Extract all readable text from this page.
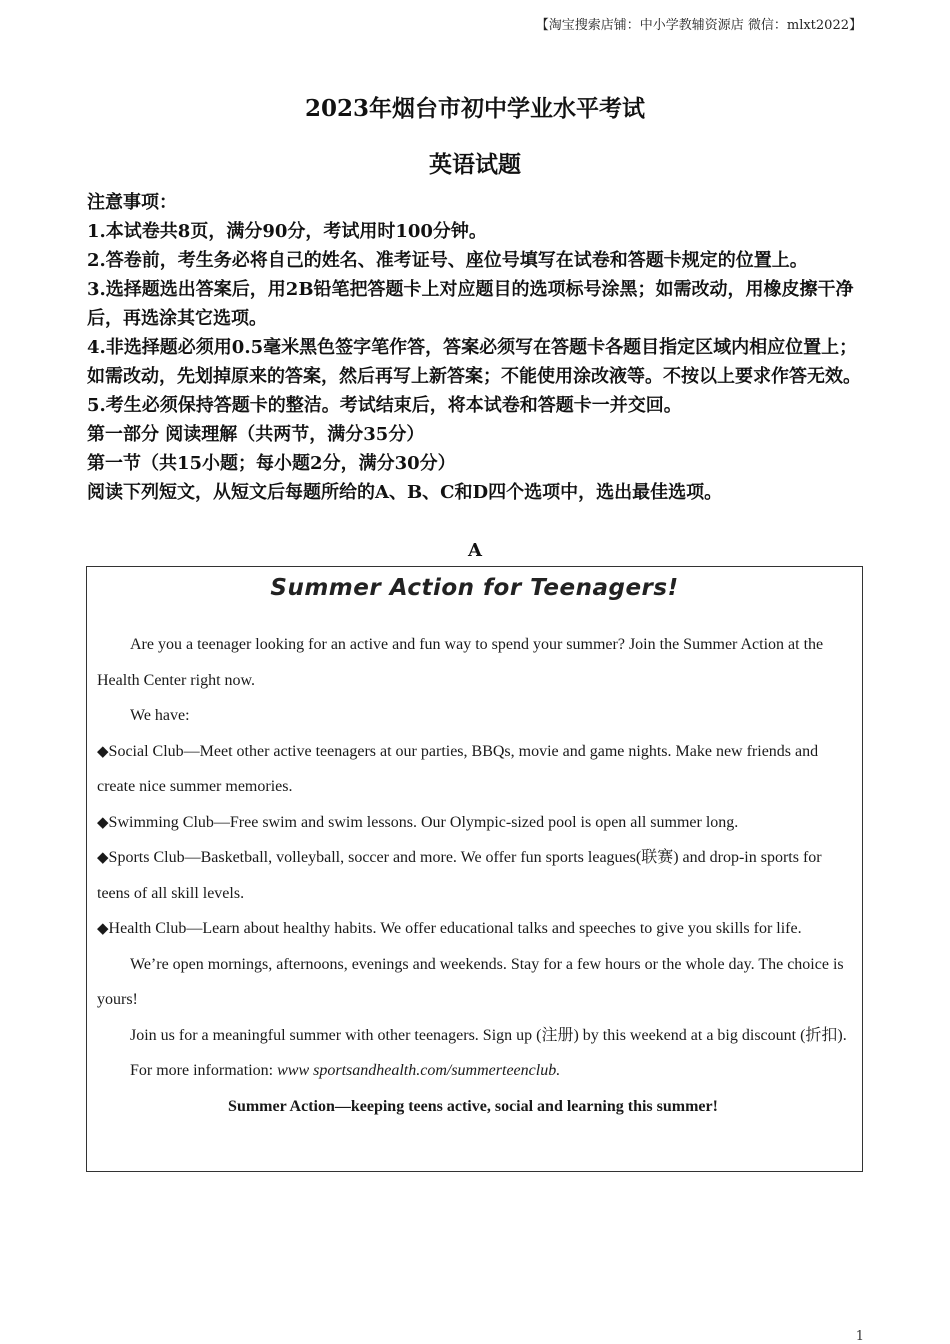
【淘宝搜索店铺：中小学教辅资源店 微信：mlxt2022】
2023年烟台市初中学业水平考试
英语试题

注意事项：

1.本试卷共8页，满分90分，考试用时100分钟。

2.答卷前，考生务必将自己的姓名、准考证号、座位号填写在试卷和答题卡规定的位置上。

3.选择题选出答案后，用2B铅笔把答题卡上对应题目的选项标号涂黑；如需改动，用橡皮擦干净后，再选涂其它选项。

4.非选择题必须用0.5毫米黑色签字笔作答，答案必须写在答题卡各题目指定区域内相应位置上；如需改动，先划掉原来的答案，然后再写上新答案；不能使用涂改液等。不按以上要求作答无效。

5.考生必须保持答题卡的整洁。考试结束后，将本试卷和答题卡一并交回。

第一部分 阅读理解（共两节，满分35分）

第一节（共15小题；每小题2分，满分30分）

阅读下列短文，从短文后每题所给的A、B、C和D四个选项中，选出最佳选项。

A
Summer Action for Teenagers!

Are you a teenager looking for an active and fun way to spend your summer? Join the Summer Action at the Health Center right now.

We have:

◆Social Club—Meet other active teenagers at our parties, BBQs, movie and game nights. Make new friends and create nice summer memories.

◆Swimming Club—Free swim and swim lessons. Our Olympic-sized pool is open all summer long.

◆Sports Club—Basketball, volleyball, soccer and more. We offer fun sports leagues(联赛) and drop-in sports for teens of all skill levels.

◆Health Club—Learn about healthy habits. We offer educational talks and speeches to give you skills for life.

We’re open mornings, afternoons, evenings and weekends. Stay for a few hours or the whole day. The choice is yours!

Join us for a meaningful summer with other teenagers. Sign up (注册) by this weekend at a big discount (折扣).

For more information: www sportsandhealth.com/summerteenclub.

Summer Action—keeping teens active, social and learning this summer!

1
